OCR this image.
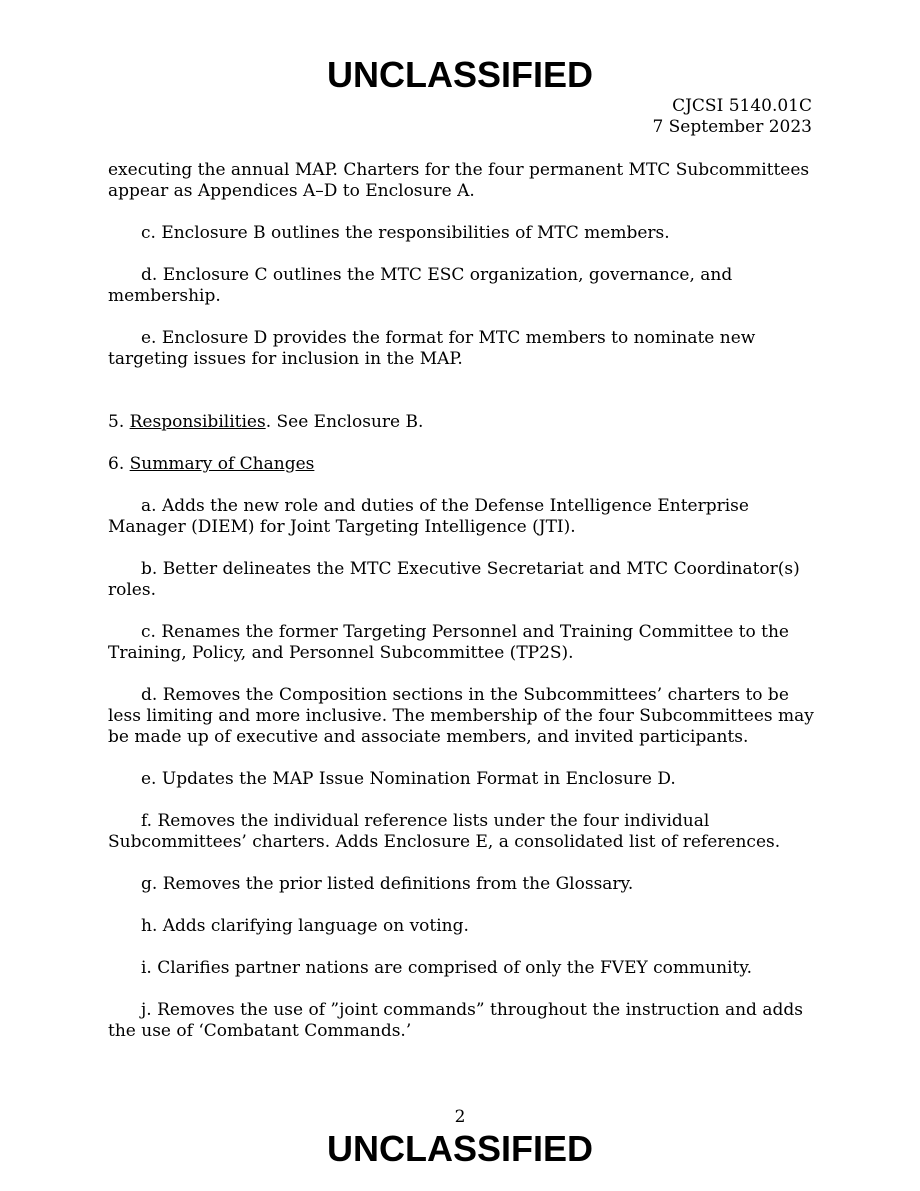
UNCLASSIFIED
CJCSI 5140.01C
7 September 2023

executing the annual MAP. Charters for the four permanent MTC Subcommittees appear as Appendices A–D to Enclosure A.

c. Enclosure B outlines the responsibilities of MTC members.

d. Enclosure C outlines the MTC ESC organization, governance, and membership.

e. Enclosure D provides the format for MTC members to nominate new targeting issues for inclusion in the MAP.

5. Responsibilities. See Enclosure B.

6. Summary of Changes

a. Adds the new role and duties of the Defense Intelligence Enterprise Manager (DIEM) for Joint Targeting Intelligence (JTI).

b. Better delineates the MTC Executive Secretariat and MTC Coordinator(s) roles.

c. Renames the former Targeting Personnel and Training Committee to the Training, Policy, and Personnel Subcommittee (TP2S).

d. Removes the Composition sections in the Subcommittees’ charters to be less limiting and more inclusive. The membership of the four Subcommittees may be made up of executive and associate members, and invited participants.

e. Updates the MAP Issue Nomination Format in Enclosure D.

f. Removes the individual reference lists under the four individual Subcommittees’ charters. Adds Enclosure E, a consolidated list of references.

g. Removes the prior listed definitions from the Glossary.

h. Adds clarifying language on voting.

i. Clarifies partner nations are comprised of only the FVEY community.

j. Removes the use of ”joint commands” throughout the instruction and adds the use of ‘Combatant Commands.’

2
UNCLASSIFIED
